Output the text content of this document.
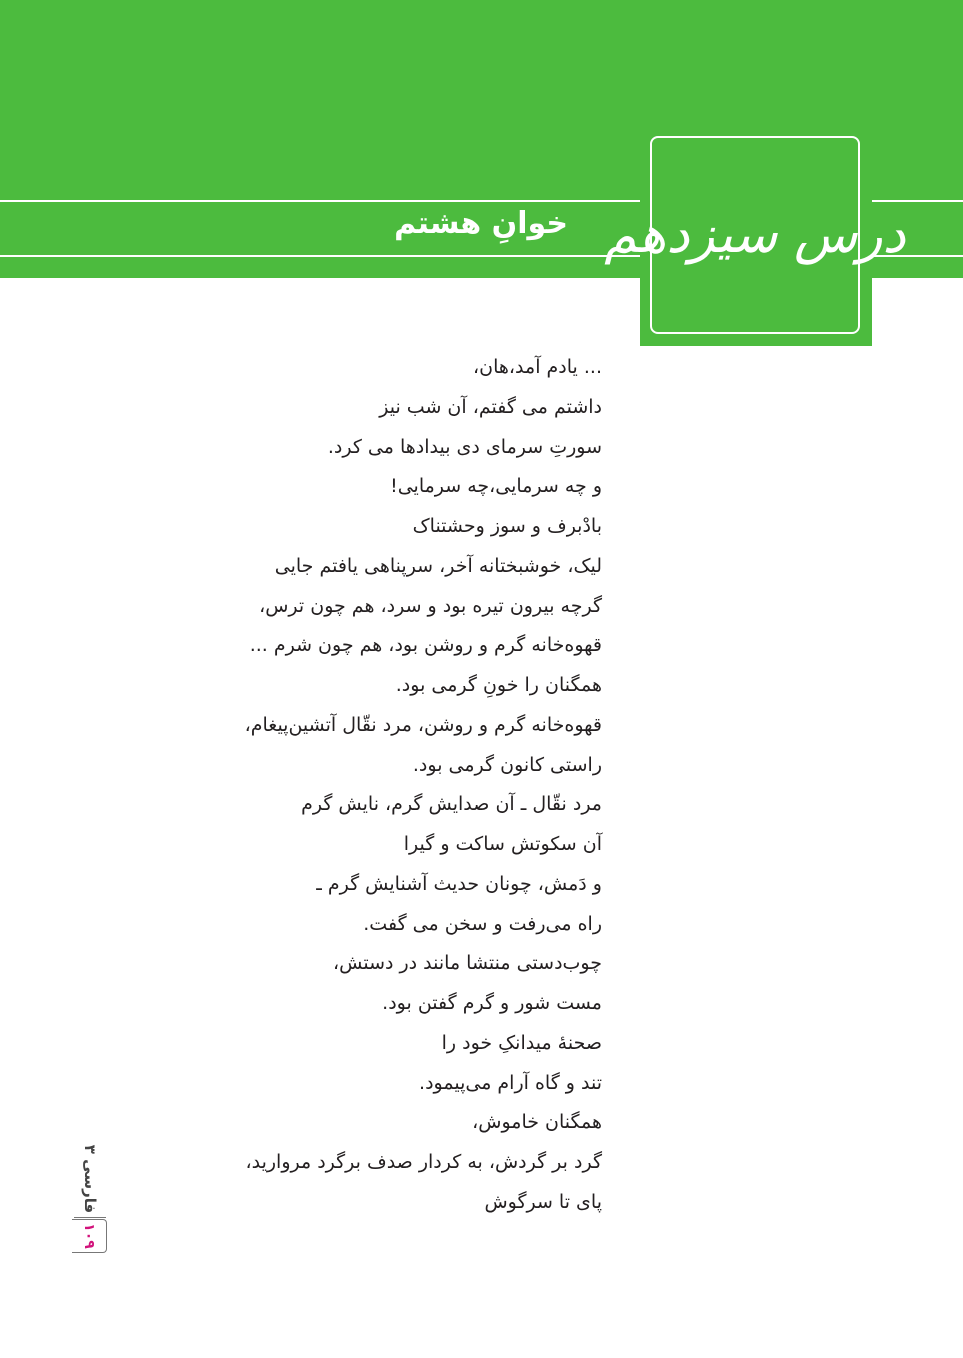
درس سیزدهم
خوانِ هشتم
... یادم آمد،هان،
داشتم می گفتم، آن شب نیز
سورتِ سرمای دی بیدادها می کرد.
و چه سرمایی،چه سرمایی!
بادْبرف و سوز وحشتناک
لیک، خوشبختانه آخر، سرپناهی یافتم جایی
گرچه بیرون تیره بود و سرد، هم چون ترس،
قهوه‌خانه گرم و روشن بود، هم چون شرم ...
همگنان را خونِ گرمی بود.
قهوه‌خانه گرم و روشن، مرد نقّال آتشین‌پیغام،
راستی کانون گرمی بود.
مرد نقّال ـ آن صدایش گرم، نایش گرم
آن سکوتش ساکت و گیرا
و دَمش، چونان حدیث آشنایش گرم ـ
راه می‌رفت و سخن می گفت.
چوب‌دستی منتشا مانند در دستش،
مست شور و گرم گفتن بود.
صحنهٔ میدانکِ خود را
تند و گاه آرام می‌پیمود.
همگنان خاموش،
گرد بر گردش، به کردار صدف برگرد مروارید،
پای تا سرگوش
فارسی ۳
۱۰۹
